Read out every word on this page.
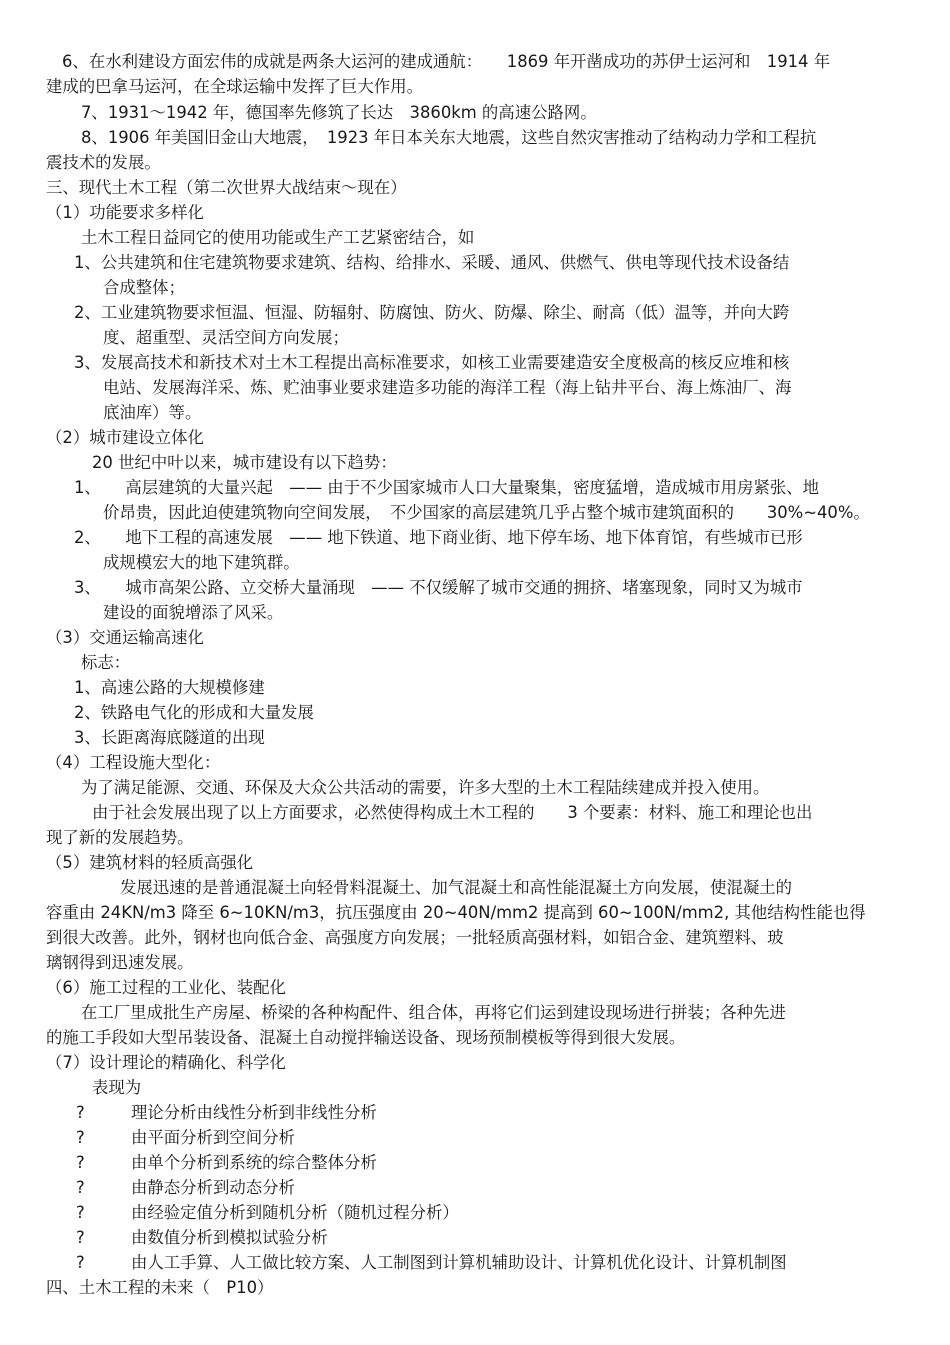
6、在水利建设方面宏伟的成就是两条大运河的建成通航：　　1869 年开凿成功的苏伊士运河和　1914 年
建成的巴拿马运河，在全球运输中发挥了巨大作用。
7、1931～1942 年，德国率先修筑了长达　3860km 的高速公路网。
8、1906 年美国旧金山大地震，　1923 年日本关东大地震，这些自然灾害推动了结构动力学和工程抗
震技术的发展。
三、现代土木工程（第二次世界大战结束～现在）
（1）功能要求多样化
土木工程日益同它的使用功能或生产工艺紧密结合，如
1、公共建筑和住宅建筑物要求建筑、结构、给排水、采暖、通风、供燃气、供电等现代技术设备结
合成整体；
2、工业建筑物要求恒温、恒湿、防辐射、防腐蚀、防火、防爆、除尘、耐高（低）温等，并向大跨
度、超重型、灵活空间方向发展；
3、发展高技术和新技术对土木工程提出高标准要求，如核工业需要建造安全度极高的核反应堆和核
电站、发展海洋采、炼、贮油事业要求建造多功能的海洋工程（海上钻井平台、海上炼油厂、海
底油库）等。
（2）城市建设立体化
20 世纪中叶以来，城市建设有以下趋势：
1、　　高层建筑的大量兴起　—— 由于不少国家城市人口大量聚集，密度猛增，造成城市用房紧张、地
价昂贵，因此迫使建筑物向空间发展，　不少国家的高层建筑几乎占整个城市建筑面积的　　30%~40%。
2、　　地下工程的高速发展　—— 地下铁道、地下商业街、地下停车场、地下体育馆，有些城市已形
成规模宏大的地下建筑群。
3、　　城市高架公路、立交桥大量涌现　—— 不仅缓解了城市交通的拥挤、堵塞现象，同时又为城市
建设的面貌增添了风采。
（3）交通运输高速化
标志：
1、高速公路的大规模修建
2、铁路电气化的形成和大量发展
3、长距离海底隧道的出现
（4）工程设施大型化：
为了满足能源、交通、环保及大众公共活动的需要，许多大型的土木工程陆续建成并投入使用。
由于社会发展出现了以上方面要求，必然使得构成土木工程的　　3 个要素：材料、施工和理论也出
现了新的发展趋势。
（5）建筑材料的轻质高强化
发展迅速的是普通混凝土向轻骨料混凝土、加气混凝土和高性能混凝土方向发展，使混凝土的
容重由 24KN/m3 降至 6~10KN/m3，抗压强度由 20~40N/mm2 提高到 60~100N/mm2, 其他结构性能也得
到很大改善。此外，钢材也向低合金、高强度方向发展；一批轻质高强材料，如铝合金、建筑塑料、玻
璃钢得到迅速发展。
（6）施工过程的工业化、装配化
在工厂里成批生产房屋、桥梁的各种构配件、组合体，再将它们运到建设现场进行拼装；各种先进
的施工手段如大型吊装设备、混凝土自动搅拌输送设备、现场预制模板等得到很大发展。
（7）设计理论的精确化、科学化
表现为
?	理论分析由线性分析到非线性分析
?	由平面分析到空间分析
?	由单个分析到系统的综合整体分析
?	由静态分析到动态分析
?	由经验定值分析到随机分析（随机过程分析）
?	由数值分析到模拟试验分析
?	由人工手算、人工做比较方案、人工制图到计算机辅助设计、计算机优化设计、计算机制图
四、土木工程的未来（　P10）
